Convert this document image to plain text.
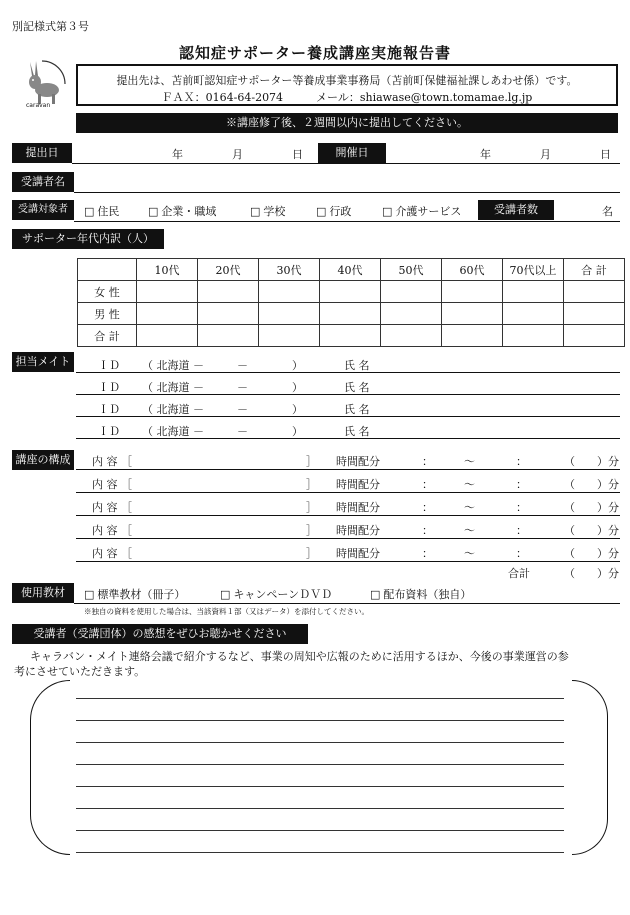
別記様式第３号
認知症サポーター養成講座実施報告書
caravan
提出先は、苫前町認知症サポーター等養成事業事務局（苫前町保健福祉課しあわせ係）です。
ＦＡＸ：0164-64-2074　　　メール：shiawase@town.tomamae.lg.jp
※講座修了後、２週間以内に提出してください。
提出日	年	月	日	開催日	年	月	日
受講者名
受講対象者	□ 住民	□ 企業・職域	□ 学校	□ 行政	□ 介護サービス	受講者数	名
サポーター年代内訳（人）
	10代	20代	30代	40代	50代	60代	70代以上	合 計
女 性								
男 性								
合 計								
担当メイト	ＩＤ （ 北海道 －　　　－　　　　）	氏 名
ＩＤ （ 北海道 －　　　－　　　　）	氏 名
ＩＤ （ 北海道 －　　　－　　　　）	氏 名
ＩＤ （ 北海道 －　　　－　　　　）	氏 名
講座の構成	内 容 ［	］ 時間配分	：	〜	：	（　　）分
内 容 ［	］ 時間配分	：	〜	：	（　　）分
内 容 ［	］ 時間配分	：	〜	：	（　　）分
内 容 ［	］ 時間配分	：	〜	：	（　　）分
内 容 ［	］ 時間配分	：	〜	：	（　　）分
合計	（　　）分
使用教材	□ 標準教材（冊子）	□ キャンペーンＤＶＤ	□ 配布資料（独自）
※独自の資料を使用した場合は、当該資料１部（又はデータ）を添付してください。
受講者（受講団体）の感想をぜひお聴かせください
キャラバン・メイト連絡会議で紹介するなど、事業の周知や広報のために活用するほか、今後の事業運営の参
考にさせていただきます。
